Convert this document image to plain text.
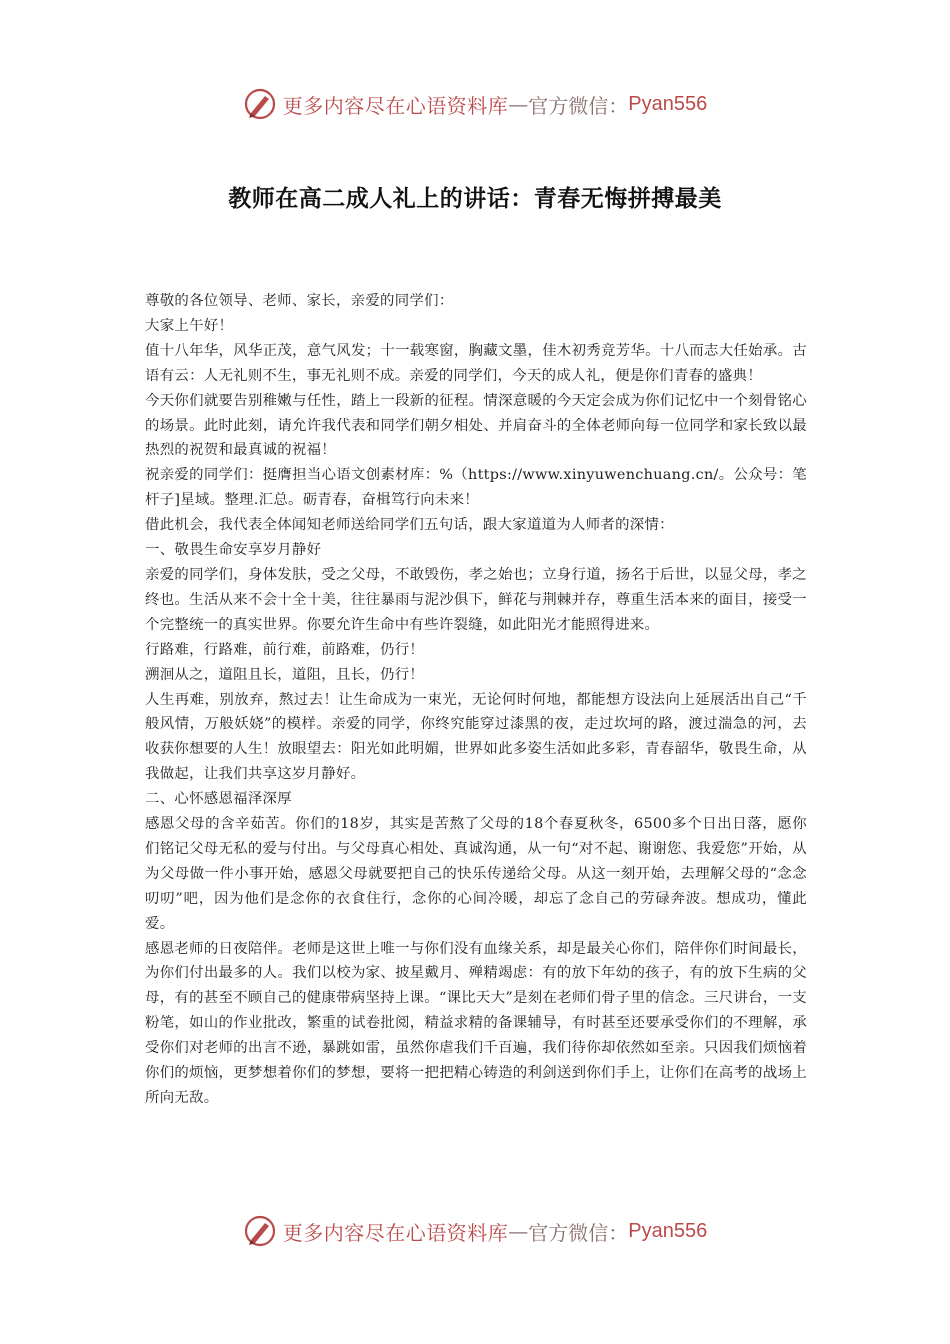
更多内容尽在心语资料库 — 官方微信： Pyan556
教师在高二成人礼上的讲话：青春无悔拼搏最美

尊敬的各位领导、老师、家长，亲爱的同学们：

大家上午好！

值十八年华，风华正茂，意气风发；十一载寒窗，胸藏文墨，佳木初秀竞芳华。十八而志大任始承。古语有云：人无礼则不生，事无礼则不成。亲爱的同学们，今天的成人礼，便是你们青春的盛典！

今天你们就要告别稚嫩与任性，踏上一段新的征程。情深意暖的今天定会成为你们记忆中一个刻骨铭心的场景。此时此刻，请允许我代表和同学们朝夕相处、并肩奋斗的全体老师向每一位同学和家长致以最热烈的祝贺和最真诚的祝福！

祝亲爱的同学们：挺膺担当心语文创素材库：%（https://www.xinyuwenchuang.cn/。公众号：笔杆子]星域。整理.汇总。砺青春，奋楫笃行向未来！

借此机会，我代表全体闻知老师送给同学们五句话，跟大家道道为人师者的深情：

一、敬畏生命安享岁月静好

亲爱的同学们，身体发肤，受之父母，不敢毁伤，孝之始也；立身行道，扬名于后世，以显父母，孝之终也。生活从来不会十全十美，往往暴雨与泥沙俱下，鲜花与荆棘并存，尊重生活本来的面目，接受一个完整统一的真实世界。你要允许生命中有些许裂缝，如此阳光才能照得进来。

行路难，行路难，前行难，前路难，仍行！

溯洄从之，道阻且长，道阻，且长，仍行！

人生再难，别放弃，熬过去！让生命成为一束光，无论何时何地，都能想方设法向上延展活出自己“千般风情，万般妖娆”的模样。亲爱的同学，你终究能穿过漆黑的夜，走过坎坷的路，渡过湍急的河，去收获你想要的人生！放眼望去：阳光如此明媚，世界如此多姿生活如此多彩，青春韶华，敬畏生命，从我做起，让我们共享这岁月静好。

二、心怀感恩福泽深厚

感恩父母的含辛茹苦。你们的18岁，其实是苦熬了父母的18个春夏秋冬，6500多个日出日落，愿你们铭记父母无私的爱与付出。与父母真心相处、真诚沟通，从一句“对不起、谢谢您、我爱您”开始，从为父母做一件小事开始，感恩父母就要把自己的快乐传递给父母。从这一刻开始，去理解父母的“念念叨叨”吧，因为他们是念你的衣食住行，念你的心间冷暖，却忘了念自己的劳碌奔波。想成功，懂此爱。

感恩老师的日夜陪伴。老师是这世上唯一与你们没有血缘关系，却是最关心你们，陪伴你们时间最长，为你们付出最多的人。我们以校为家、披星戴月、殚精竭虑：有的放下年幼的孩子，有的放下生病的父母，有的甚至不顾自己的健康带病坚持上课。“课比天大”是刻在老师们骨子里的信念。三尺讲台，一支粉笔，如山的作业批改，繁重的试卷批阅，精益求精的备课辅导，有时甚至还要承受你们的不理解，承受你们对老师的出言不逊，暴跳如雷，虽然你虐我们千百遍，我们待你却依然如至亲。只因我们烦恼着你们的烦恼，更梦想着你们的梦想，要将一把把精心铸造的利剑送到你们手上，让你们在高考的战场上所向无敌。

更多内容尽在心语资料库 — 官方微信： Pyan556
